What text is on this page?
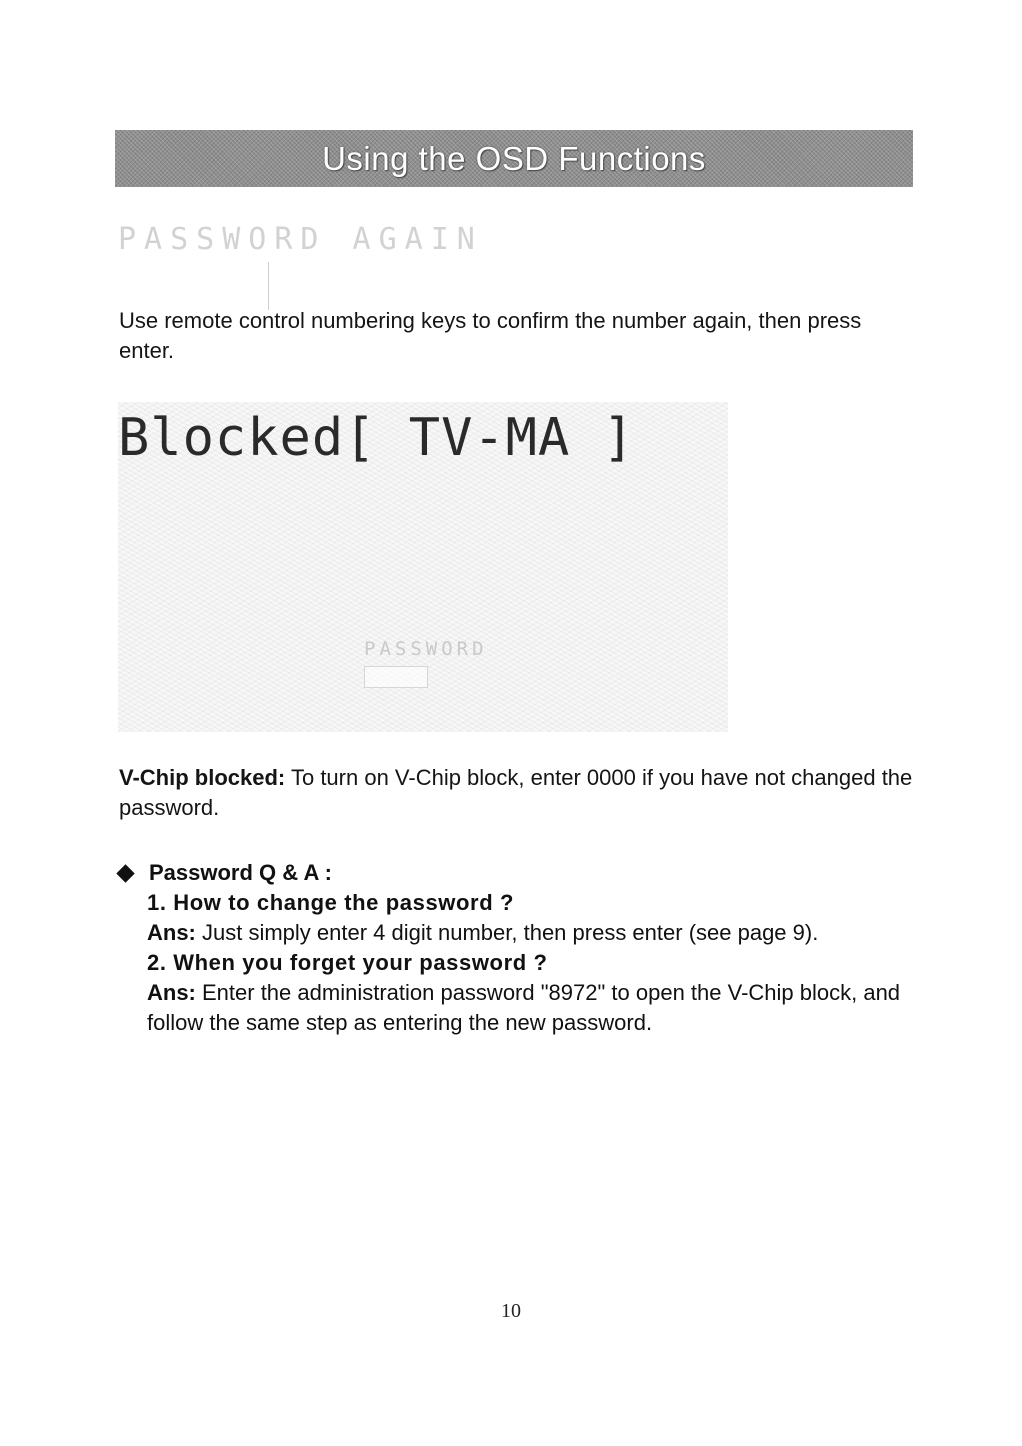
Using the OSD Functions
PASSWORD AGAIN
Use remote control numbering keys to confirm the number again, then press enter.
Blocked[ TV-MA ]
PASSWORD
V-Chip blocked: To turn on V-Chip block, enter 0000 if you have not changed the password.
Password Q & A :
1. How to change the password ?
Ans: Just simply enter 4 digit number, then press enter (see page 9).
2. When you forget your password ?
Ans: Enter the administration password "8972" to open the V-Chip block, and follow the same step as entering the new password.
10
